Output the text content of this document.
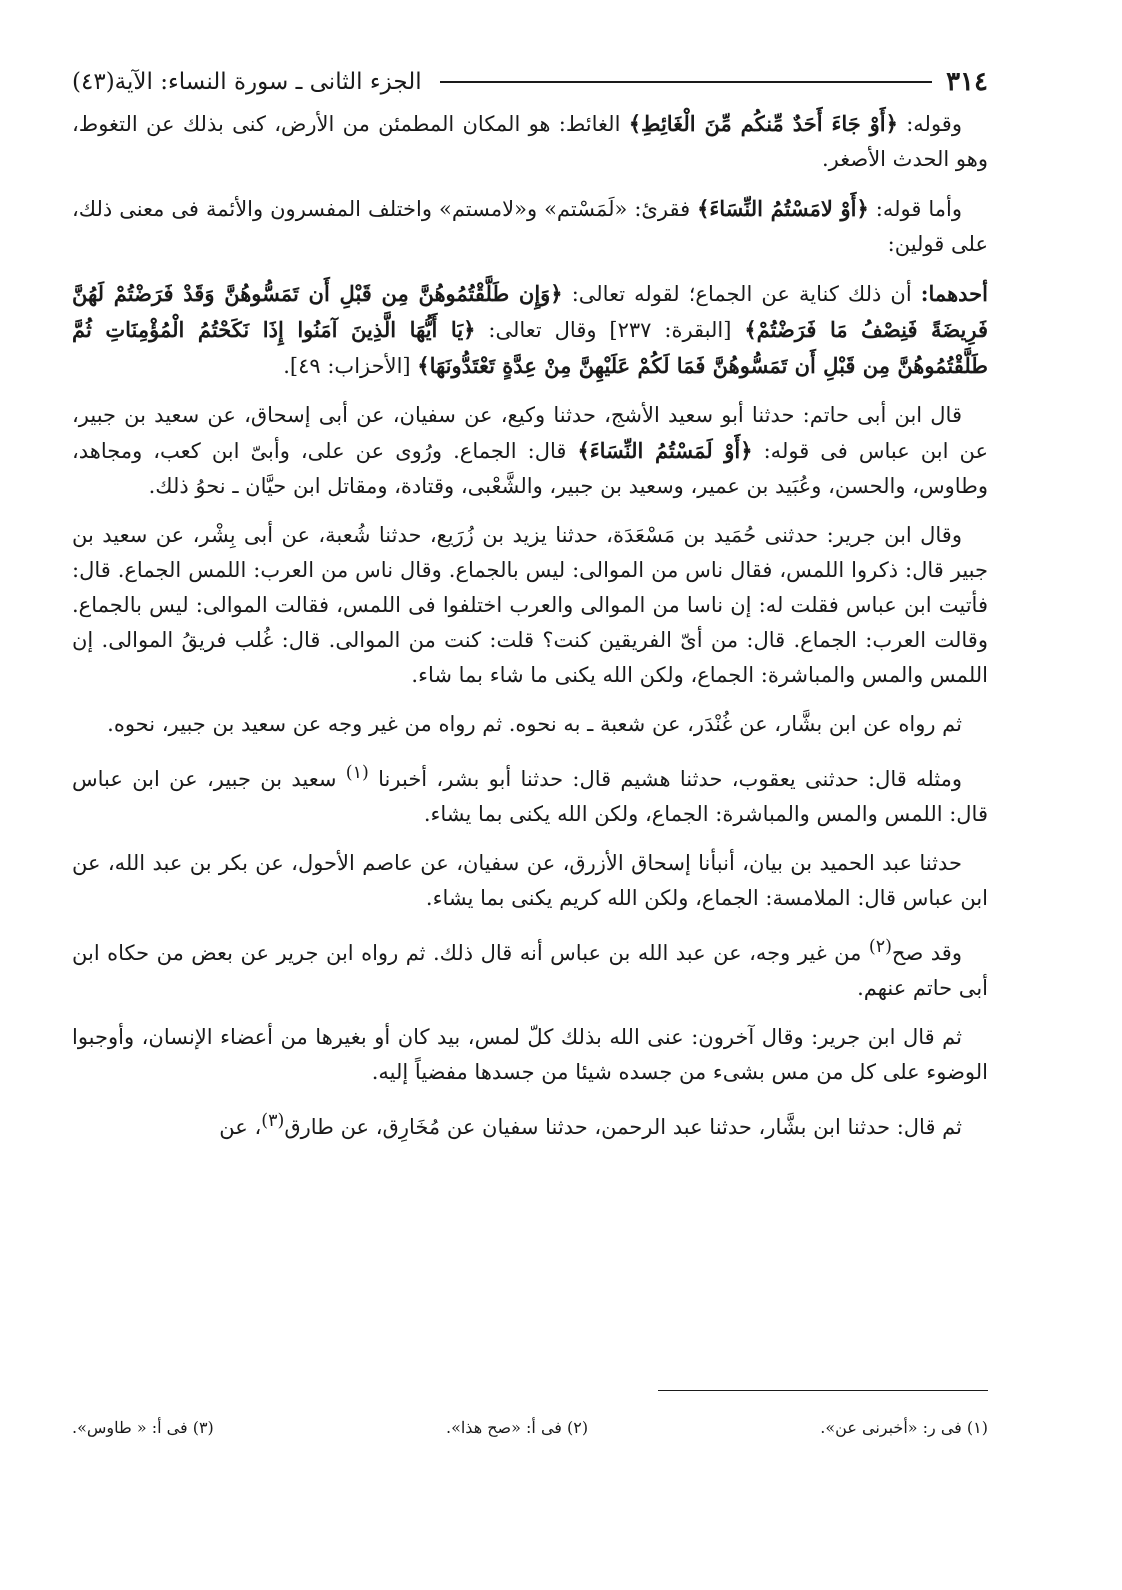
٣١٤
الجزء الثانى ـ سورة النساء: الآية(٤٣)

وقوله: ﴿أَوْ جَاءَ أَحَدٌ مِّنكُم مِّنَ الْغَائِطِ﴾ الغائط: هو المكان المطمئن من الأرض، كنى بذلك عن التغوط، وهو الحدث الأصغر.

وأما قوله: ﴿أَوْ لامَسْتُمُ النِّسَاءَ﴾ فقرئ: «لَمَسْتم» و«لامستم» واختلف المفسرون والأئمة فى معنى ذلك، على قولين:

أحدهما: أن ذلك كناية عن الجماع؛ لقوله تعالى: ﴿وَإِن طَلَّقْتُمُوهُنَّ مِن قَبْلِ أَن تَمَسُّوهُنَّ وَقَدْ فَرَضْتُمْ لَهُنَّ فَرِيضَةً فَنِصْفُ مَا فَرَضْتُمْ﴾ [البقرة: ٢٣٧] وقال تعالى: ﴿يَا أَيُّهَا الَّذِينَ آمَنُوا إِذَا نَكَحْتُمُ الْمُؤْمِنَاتِ ثُمَّ طَلَّقْتُمُوهُنَّ مِن قَبْلِ أَن تَمَسُّوهُنَّ فَمَا لَكُمْ عَلَيْهِنَّ مِنْ عِدَّةٍ تَعْتَدُّونَهَا﴾ [الأحزاب: ٤٩].

قال ابن أبى حاتم: حدثنا أبو سعيد الأشج، حدثنا وكيع، عن سفيان، عن أبى إسحاق، عن سعيد بن جبير، عن ابن عباس فى قوله: ﴿أَوْ لَمَسْتُمُ النِّسَاءَ﴾ قال: الجماع. ورُوى عن على، وأبىّ ابن كعب، ومجاهد، وطاوس، والحسن، وعُبَيد بن عمير، وسعيد بن جبير، والشَّعْبى، وقتادة، ومقاتل ابن حيَّان ـ نحوُ ذلك.

وقال ابن جرير: حدثنى حُمَيد بن مَسْعَدَة، حدثنا يزيد بن زُرَيع، حدثنا شُعبة، عن أبى بِشْر، عن سعيد بن جبير قال: ذكروا اللمس، فقال ناس من الموالى: ليس بالجماع. وقال ناس من العرب: اللمس الجماع. قال: فأتيت ابن عباس فقلت له: إن ناسا من الموالى والعرب اختلفوا فى اللمس، فقالت الموالى: ليس بالجماع. وقالت العرب: الجماع. قال: من أىّ الفريقين كنت؟ قلت: كنت من الموالى. قال: غُلب فريقُ الموالى. إن اللمس والمس والمباشرة: الجماع، ولكن الله يكنى ما شاء بما شاء.

ثم رواه عن ابن بشَّار، عن غُنْدَر، عن شعبة ـ به نحوه. ثم رواه من غير وجه عن سعيد بن جبير، نحوه.

ومثله قال: حدثنى يعقوب، حدثنا هشيم قال: حدثنا أبو بشر، أخبرنا $^{(١)}$ سعيد بن جبير، عن ابن عباس قال: اللمس والمس والمباشرة: الجماع، ولكن الله يكنى بما يشاء.

حدثنا عبد الحميد بن بيان، أنبأنا إسحاق الأزرق، عن سفيان، عن عاصم الأحول، عن بكر بن عبد الله، عن ابن عباس قال: الملامسة: الجماع، ولكن الله كريم يكنى بما يشاء.

وقد صح$^{(٢)}$ من غير وجه، عن عبد الله بن عباس أنه قال ذلك. ثم رواه ابن جرير عن بعض من حكاه ابن أبى حاتم عنهم.

ثم قال ابن جرير: وقال آخرون: عنى الله بذلك كلّ لمس، بيد كان أو بغيرها من أعضاء الإنسان، وأوجبوا الوضوء على كل من مس بشىء من جسده شيئا من جسدها مفضياً إليه.

ثم قال: حدثنا ابن بشَّار، حدثنا عبد الرحمن، حدثنا سفيان عن مُخَارِق، عن طارق$^{(٣)}$، عن

(١) فى ر: «أخبرنى عن».
(٢) فى أ: «صح هذا».
(٣) فى أ: « طاوس».
